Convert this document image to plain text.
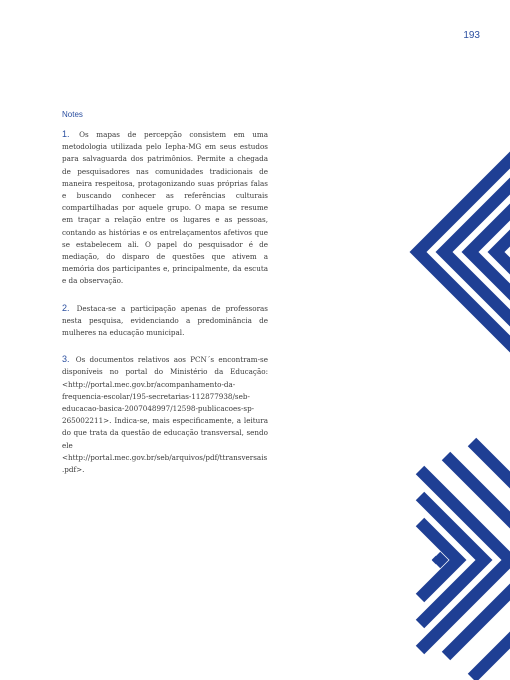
193
Notes

1. Os mapas de percepção consistem em uma metodologia utilizada pelo Iepha-MG em seus estudos para salvaguarda dos patrimônios. Permite a chegada de pesquisadores nas comunidades tradicionais de maneira respeitosa, protagonizando suas próprias falas e buscando conhecer as referências culturais compartilhadas por aquele grupo. O mapa se resume em traçar a relação entre os lugares e as pessoas, contando as histórias e os entrelaçamentos afetivos que se estabelecem ali. O papel do pesquisador é de mediação, do disparo de questões que ativem a memória dos participantes e, principalmente, da escuta e da observação.

2. Destaca-se a participação apenas de professoras nesta pesquisa, evidenciando a predominância de mulheres na educação municipal.

3. Os documentos relativos aos PCN´s encontram-se disponíveis no portal do Ministério da Educação: <http://portal.mec.gov.br/acompanhamento-da-frequencia-escolar/195-secretarias-112877938/seb-educacao-basica-2007048997/12598-publicacoes-sp-265002211>. Indica-se, mais especificamente, a leitura do que trata da questão de educação transversal, sendo ele <http://portal.mec.gov.br/seb/arquivos/pdf/ttransversais.pdf>.
